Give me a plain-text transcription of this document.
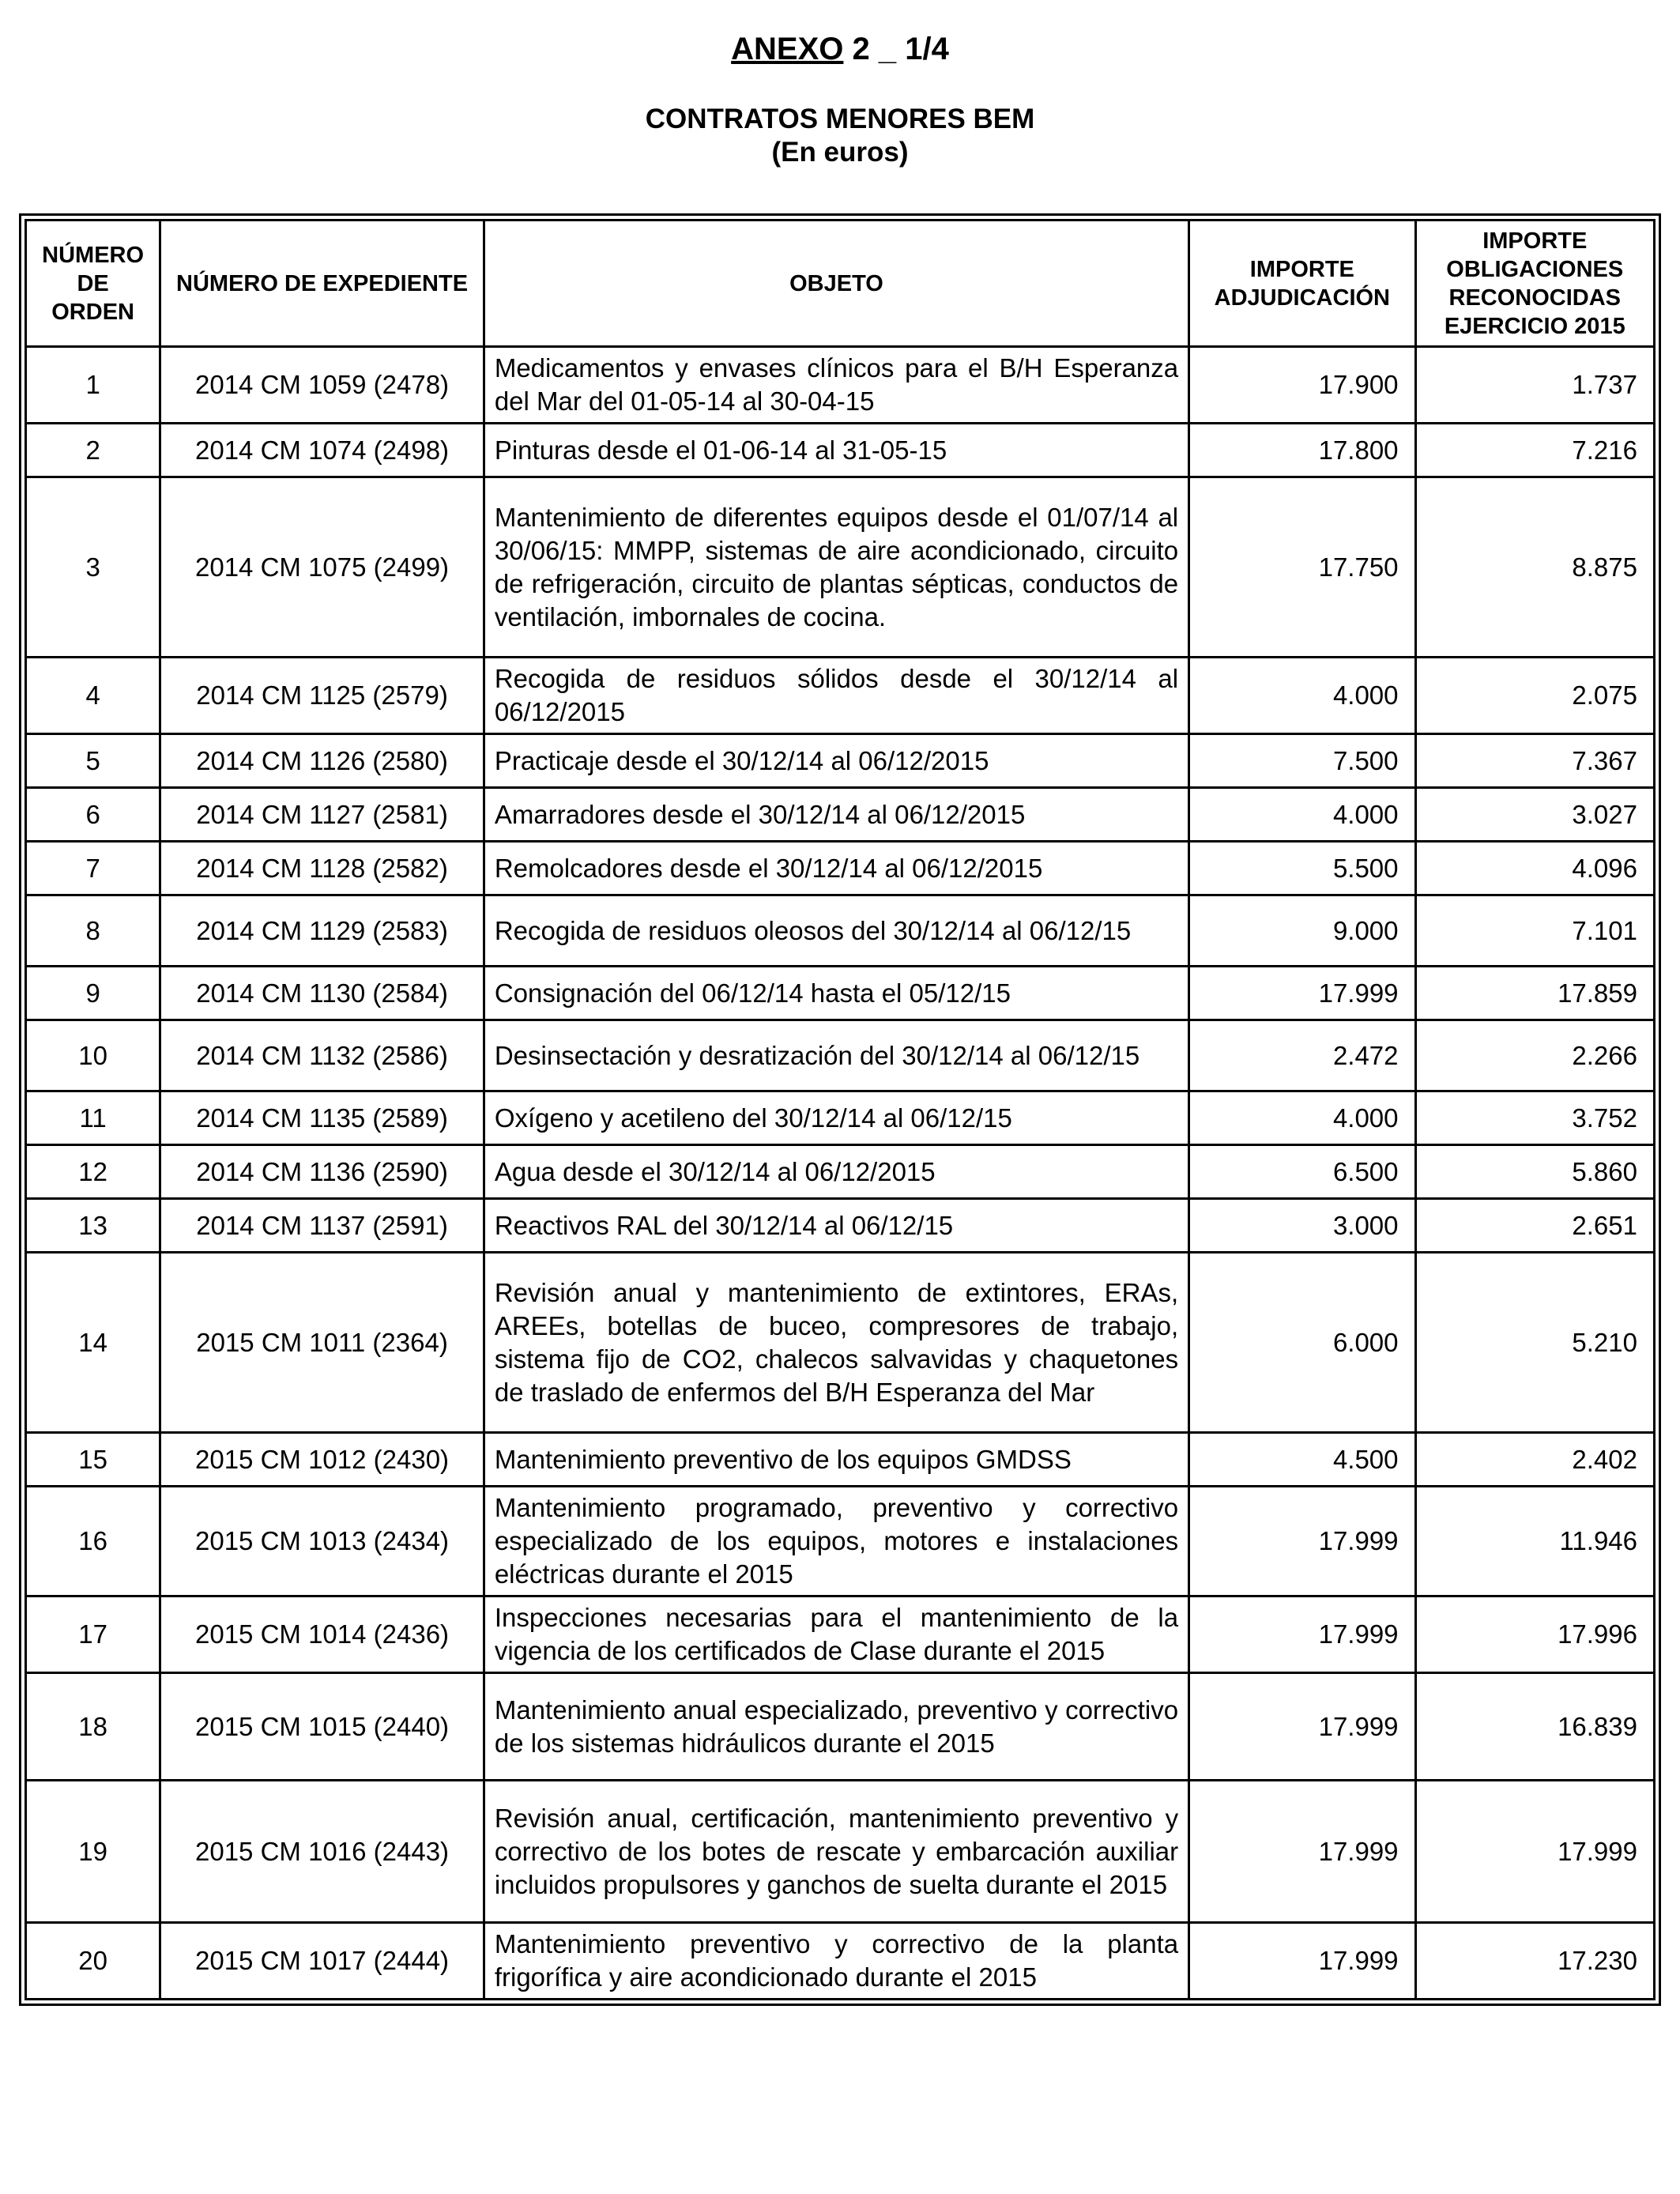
ANEXO 2 _ 1/4
CONTRATOS MENORES BEM
(En euros)
NÚMERO DE ORDEN	NÚMERO DE EXPEDIENTE	OBJETO	IMPORTE ADJUDICACIÓN	IMPORTE OBLIGACIONES RECONOCIDAS EJERCICIO 2015
1	2014 CM 1059 (2478)	Medicamentos y envases clínicos para el B/H Esperanza del Mar del 01-05-14 al 30-04-15	17.900	1.737
2	2014 CM 1074 (2498)	Pinturas desde el 01-06-14 al 31-05-15	17.800	7.216
3	2014 CM 1075 (2499)	Mantenimiento de diferentes equipos desde el 01/07/14 al 30/06/15: MMPP, sistemas de aire acondicionado, circuito de refrigeración, circuito de plantas sépticas, conductos de ventilación, imbornales de cocina.	17.750	8.875
4	2014 CM 1125 (2579)	Recogida de residuos sólidos desde el 30/12/14 al 06/12/2015	4.000	2.075
5	2014 CM 1126 (2580)	Practicaje desde el 30/12/14 al 06/12/2015	7.500	7.367
6	2014 CM 1127 (2581)	Amarradores desde el 30/12/14 al 06/12/2015	4.000	3.027
7	2014 CM 1128 (2582)	Remolcadores desde el 30/12/14 al 06/12/2015	5.500	4.096
8	2014 CM 1129 (2583)	Recogida de residuos oleosos del 30/12/14 al 06/12/15	9.000	7.101
9	2014 CM 1130 (2584)	Consignación del 06/12/14 hasta el 05/12/15	17.999	17.859
10	2014 CM 1132 (2586)	Desinsectación y desratización del 30/12/14 al 06/12/15	2.472	2.266
11	2014 CM 1135 (2589)	Oxígeno y acetileno del 30/12/14 al 06/12/15	4.000	3.752
12	2014 CM 1136 (2590)	Agua desde el 30/12/14 al 06/12/2015	6.500	5.860
13	2014 CM 1137 (2591)	Reactivos RAL del 30/12/14 al 06/12/15	3.000	2.651
14	2015 CM 1011 (2364)	Revisión anual y mantenimiento de extintores, ERAs, AREEs, botellas de buceo, compresores de trabajo, sistema fijo de CO2, chalecos salvavidas y chaquetones de traslado de enfermos del B/H Esperanza del Mar	6.000	5.210
15	2015 CM 1012 (2430)	Mantenimiento preventivo de los equipos GMDSS	4.500	2.402
16	2015 CM 1013 (2434)	Mantenimiento programado, preventivo y correctivo especializado de los equipos, motores e instalaciones eléctricas durante el 2015	17.999	11.946
17	2015 CM 1014 (2436)	Inspecciones necesarias para el mantenimiento de la vigencia de los certificados de Clase durante el 2015	17.999	17.996
18	2015 CM 1015 (2440)	Mantenimiento anual especializado, preventivo y correctivo de los sistemas hidráulicos durante el 2015	17.999	16.839
19	2015 CM 1016 (2443)	Revisión anual, certificación, mantenimiento preventivo y correctivo de los botes de rescate y embarcación auxiliar incluidos propulsores y ganchos de suelta durante el 2015	17.999	17.999
20	2015 CM 1017 (2444)	Mantenimiento preventivo y correctivo de la planta frigorífica y aire acondicionado durante el 2015	17.999	17.230
